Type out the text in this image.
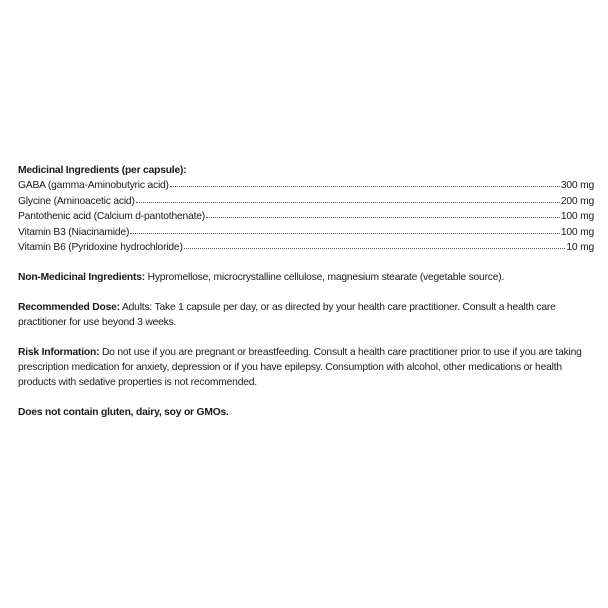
Medicinal Ingredients (per capsule):
GABA (gamma-Aminobutyric acid)	300 mg
Glycine (Aminoacetic acid)	200 mg
Pantothenic acid (Calcium d-pantothenate)	100 mg
Vitamin B3 (Niacinamide)	100 mg
Vitamin B6 (Pyridoxine hydrochloride)	10 mg
Non-Medicinal Ingredients: Hypromellose, microcrystalline cellulose, magnesium stearate (vegetable source).
Recommended Dose: Adults: Take 1 capsule per day, or as directed by your health care practitioner. Consult a health care practitioner for use beyond 3 weeks.
Risk Information: Do not use if you are pregnant or breastfeeding. Consult a health care practitioner prior to use if you are taking prescription medication for anxiety, depression or if you have epilepsy. Consumption with alcohol, other medications or health products with sedative properties is not recommended.
Does not contain gluten, dairy, soy or GMOs.
